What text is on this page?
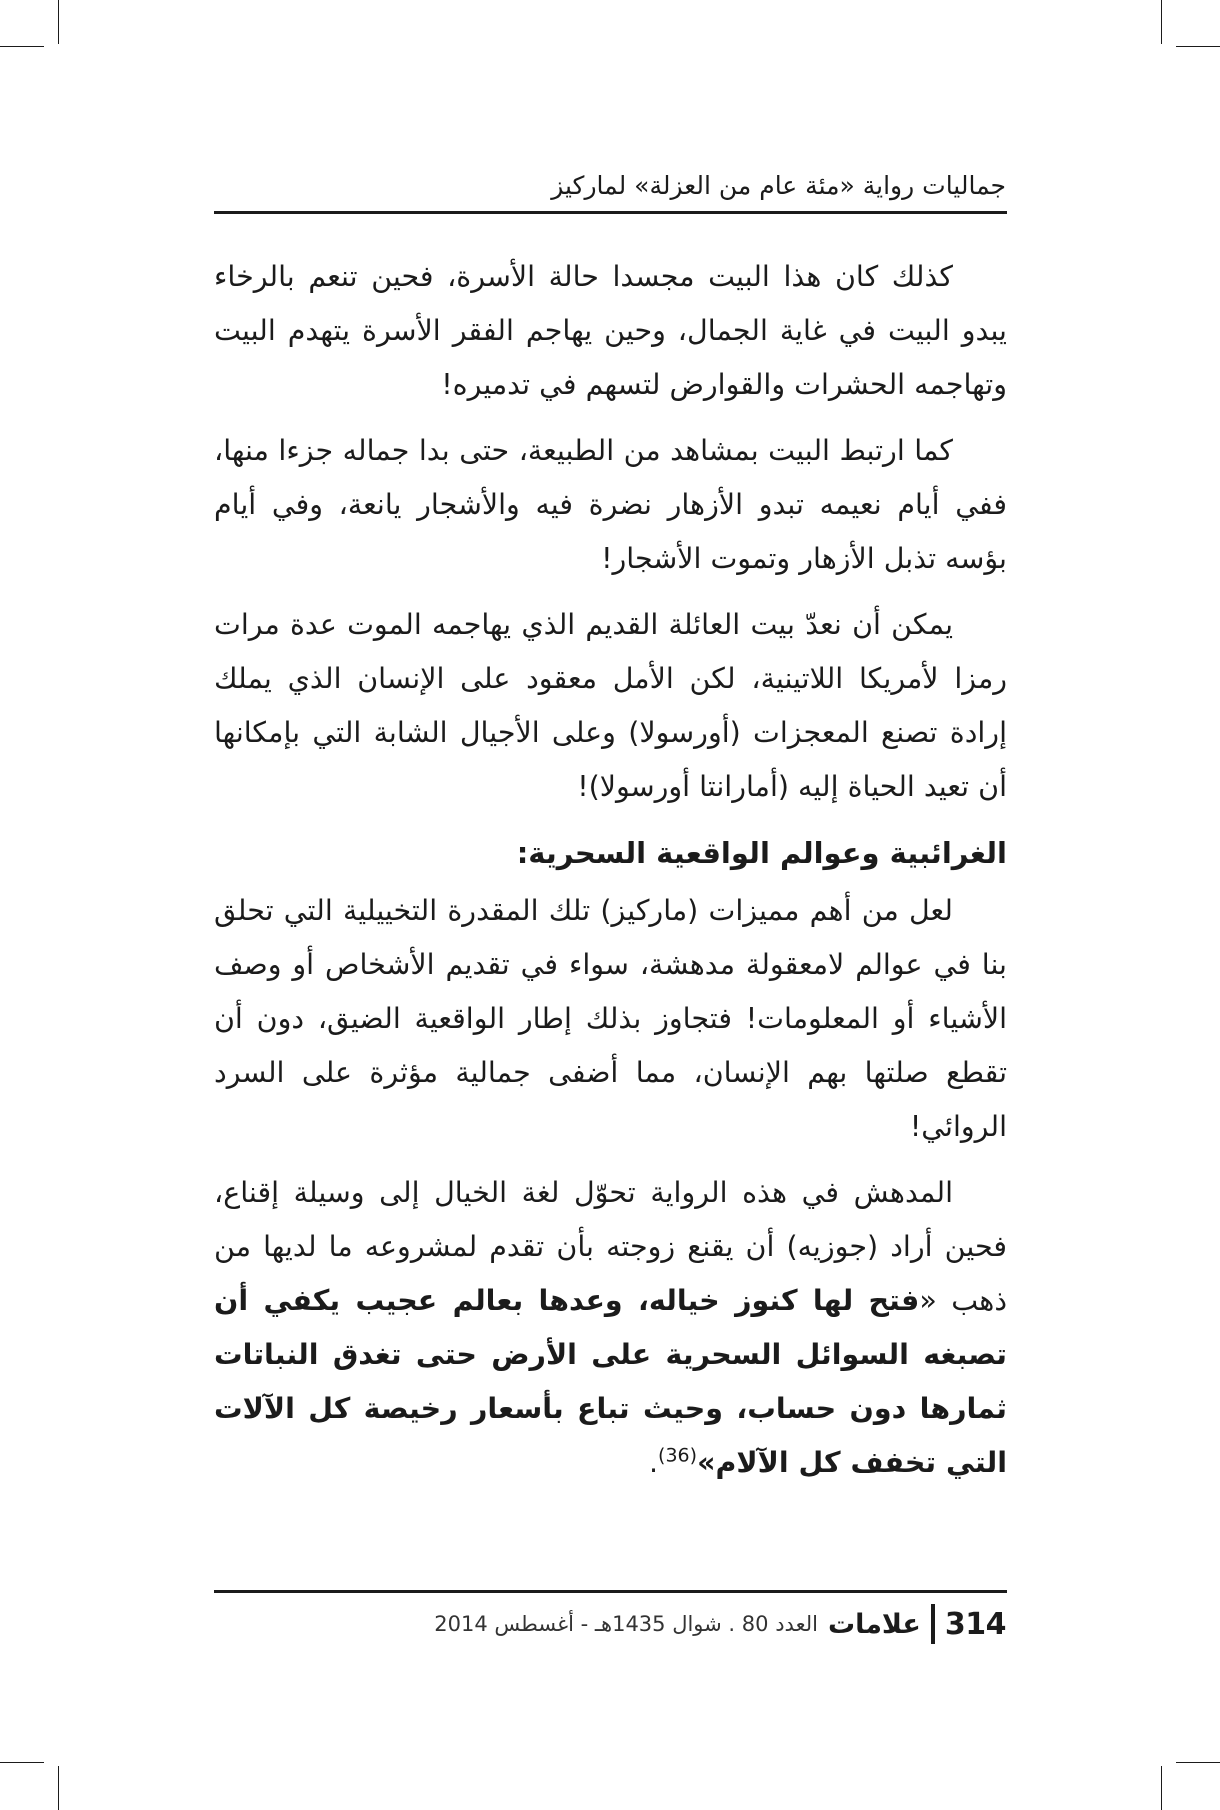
جماليات رواية «مئة عام من العزلة» لماركيز

كذلك كان هذا البيت مجسدا حالة الأسرة، فحين تنعم بالرخاء يبدو البيت في غاية الجمال، وحين يهاجم الفقر الأسرة يتهدم البيت وتهاجمه الحشرات والقوارض لتسهم في تدميره!

كما ارتبط البيت بمشاهد من الطبيعة، حتى بدا جماله جزءا منها، ففي أيام نعيمه تبدو الأزهار نضرة فيه والأشجار يانعة، وفي أيام بؤسه تذبل الأزهار وتموت الأشجار!

يمكن أن نعدّ بيت العائلة القديم الذي يهاجمه الموت عدة مرات رمزا لأمريكا اللاتينية، لكن الأمل معقود على الإنسان الذي يملك إرادة تصنع المعجزات (أورسولا) وعلى الأجيال الشابة التي بإمكانها أن تعيد الحياة إليه (أمارانتا أورسولا)!

الغرائبية وعوالم الواقعية السحرية:

لعل من أهم مميزات (ماركيز) تلك المقدرة التخييلية التي تحلق بنا في عوالم لامعقولة مدهشة، سواء في تقديم الأشخاص أو وصف الأشياء أو المعلومات! فتجاوز بذلك إطار الواقعية الضيق، دون أن تقطع صلتها بهم الإنسان، مما أضفى جمالية مؤثرة على السرد الروائي!

المدهش في هذه الرواية تحوّل لغة الخيال إلى وسيلة إقناع، فحين أراد (جوزيه) أن يقنع زوجته بأن تقدم لمشروعه ما لديها من ذهب «فتح لها كنوز خياله، وعدها بعالم عجيب يكفي أن تصبغه السوائل السحرية على الأرض حتى تغدق النباتات ثمارها دون حساب، وحيث تباع بأسعار رخيصة كل الآلات التي تخفف كل الآلام»$^{(36)}$.

314
علامات
العدد 80 . شوال 1435هـ - أغسطس 2014
